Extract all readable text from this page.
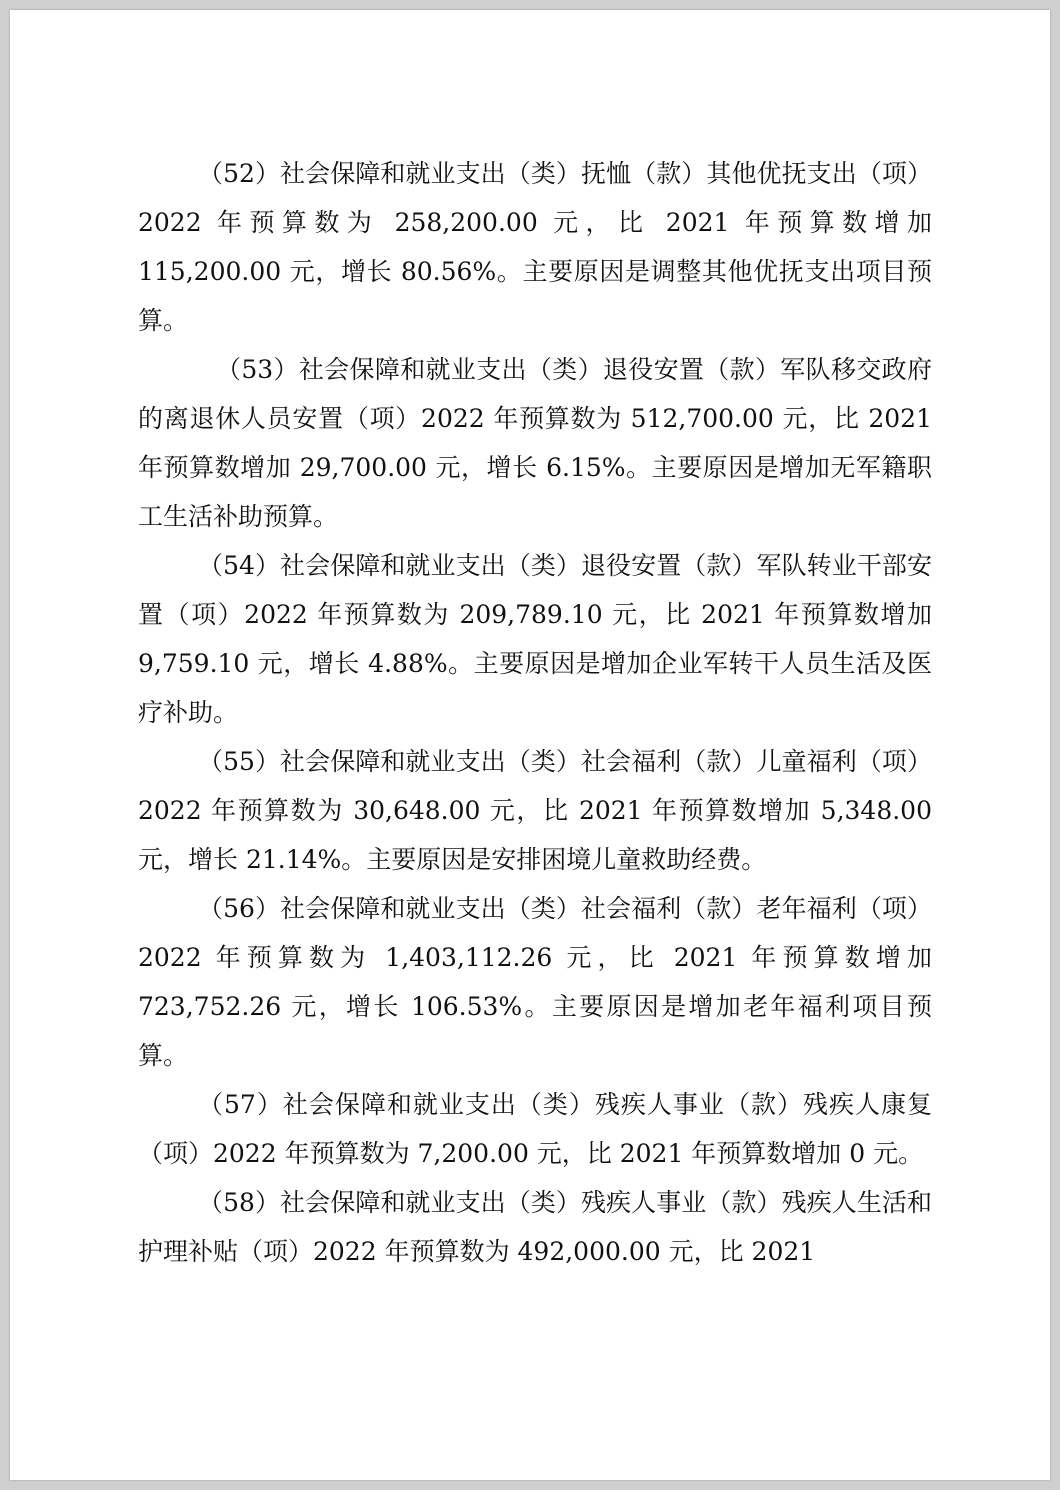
（52）社会保障和就业支出（类）抚恤（款）其他优抚支出（项）2022 年预算数为 258,200.00 元，比 2021 年预算数增加 115,200.00 元，增长 80.56%。主要原因是调整其他优抚支出项目预算。

（53）社会保障和就业支出（类）退役安置（款）军队移交政府的离退休人员安置（项）2022 年预算数为 512,700.00 元，比 2021 年预算数增加 29,700.00 元，增长 6.15%。主要原因是增加无军籍职工生活补助预算。

（54）社会保障和就业支出（类）退役安置（款）军队转业干部安置（项）2022 年预算数为 209,789.10 元，比 2021 年预算数增加 9,759.10 元，增长 4.88%。主要原因是增加企业军转干人员生活及医疗补助。

（55）社会保障和就业支出（类）社会福利（款）儿童福利（项）2022 年预算数为 30,648.00 元，比 2021 年预算数增加 5,348.00 元，增长 21.14%。主要原因是安排困境儿童救助经费。

（56）社会保障和就业支出（类）社会福利（款）老年福利（项）2022 年预算数为 1,403,112.26 元，比 2021 年预算数增加 723,752.26 元，增长 106.53%。主要原因是增加老年福利项目预算。

（57）社会保障和就业支出（类）残疾人事业（款）残疾人康复（项）2022 年预算数为 7,200.00 元，比 2021 年预算数增加 0 元。

（58）社会保障和就业支出（类）残疾人事业（款）残疾人生活和护理补贴（项）2022 年预算数为 492,000.00 元，比 2021
